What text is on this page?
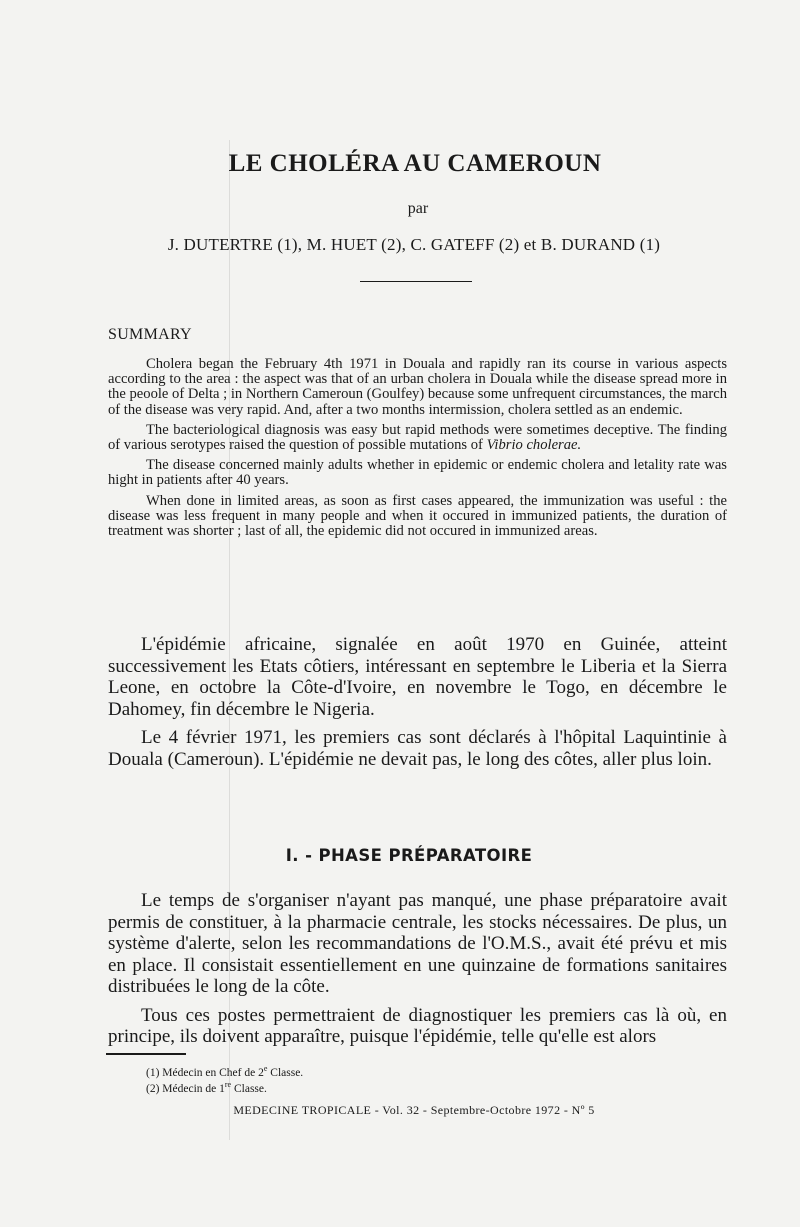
LE CHOLÉRA AU CAMEROUN
par
J. DUTERTRE (1), M. HUET (2), C. GATEFF (2) et B. DURAND (1)
SUMMARY

Cholera began the February 4th 1971 in Douala and rapidly ran its course in various aspects according to the area : the aspect was that of an urban cholera in Douala while the disease spread more in the peoole of Delta ; in Northern Cameroun (Goulfey) because some unfrequent circumstances, the march of the disease was very rapid. And, after a two months intermission, cholera settled as an endemic.

The bacteriological diagnosis was easy but rapid methods were sometimes deceptive. The finding of various serotypes raised the question of possible mutations of Vibrio cholerae.

The disease concerned mainly adults whether in epidemic or endemic cholera and letality rate was hight in patients after 40 years.

When done in limited areas, as soon as first cases appeared, the immunization was useful : the disease was less frequent in many people and when it occured in immunized patients, the duration of treatment was shorter ; last of all, the epidemic did not occured in immunized areas.

L'épidémie africaine, signalée en août 1970 en Guinée, atteint successivement les Etats côtiers, intéressant en septembre le Liberia et la Sierra Leone, en octobre la Côte-d'Ivoire, en novembre le Togo, en décembre le Dahomey, fin décembre le Nigeria.

Le 4 février 1971, les premiers cas sont déclarés à l'hôpital Laquintinie à Douala (Cameroun). L'épidémie ne devait pas, le long des côtes, aller plus loin.

I. - PHASE PRÉPARATOIRE

Le temps de s'organiser n'ayant pas manqué, une phase préparatoire avait permis de constituer, à la pharmacie centrale, les stocks nécessaires. De plus, un système d'alerte, selon les recommandations de l'O.M.S., avait été prévu et mis en place. Il consistait essentiellement en une quinzaine de formations sanitaires distribuées le long de la côte.

Tous ces postes permettraient de diagnostiquer les premiers cas là où, en principe, ils doivent apparaître, puisque l'épidémie, telle qu'elle est alors

(1) Médecin en Chef de 2e Classe.
(2) Médecin de 1re Classe.
MEDECINE TROPICALE - Vol. 32 - Septembre-Octobre 1972 - Nº 5
